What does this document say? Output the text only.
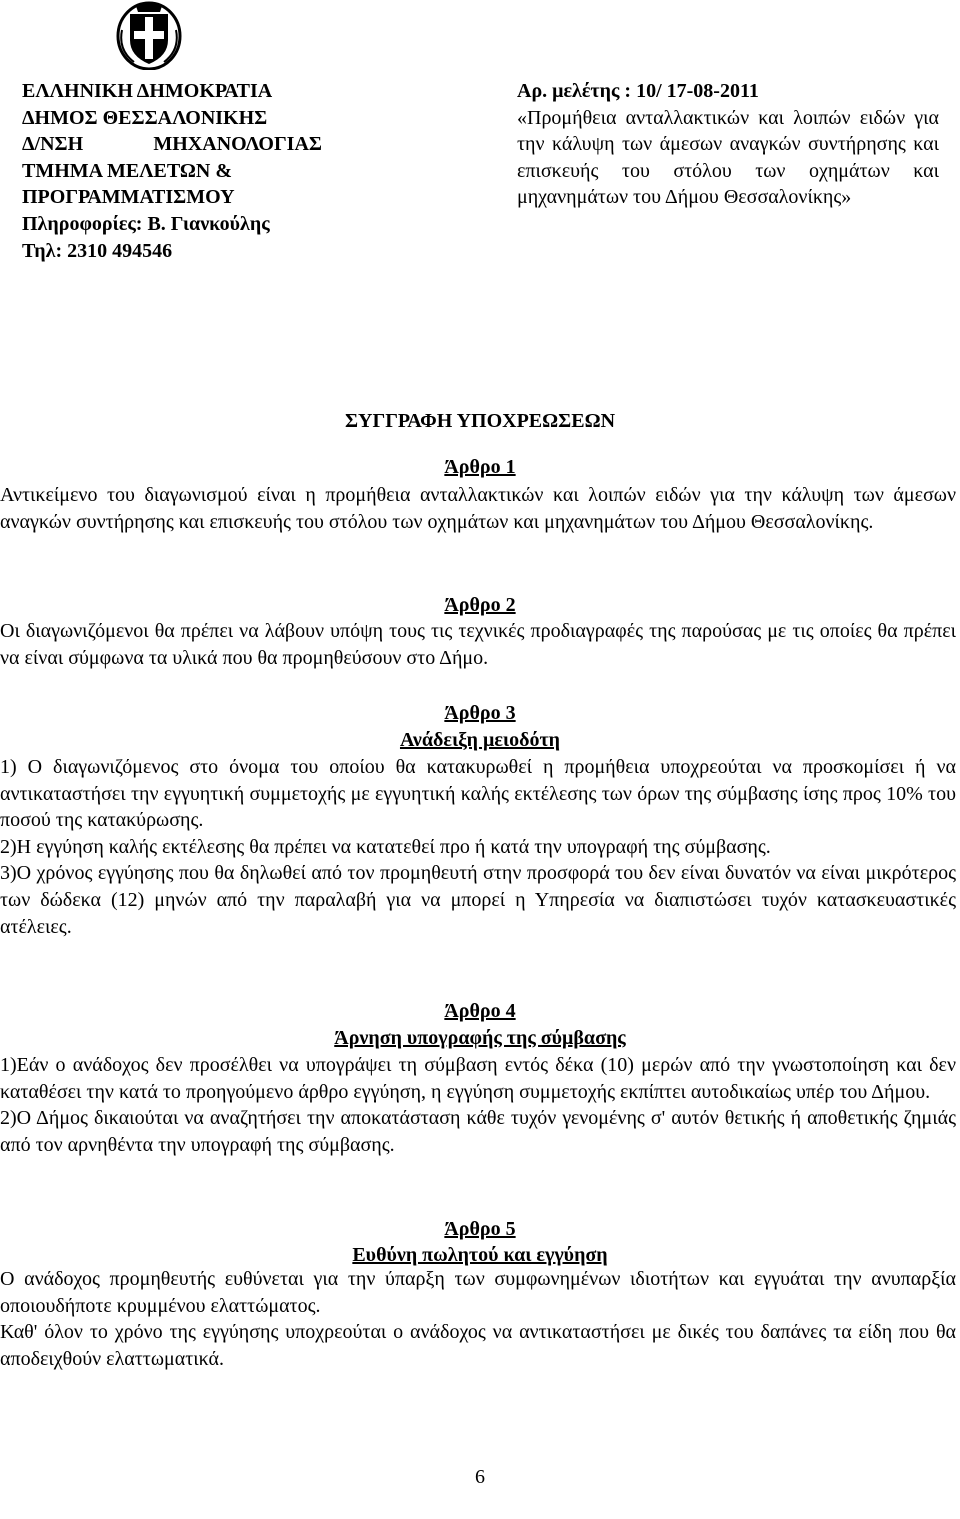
ΕΛΛΗΝΙΚΗ ΔΗΜΟΚΡΑΤΙΑ
ΔΗΜΟΣ ΘΕΣΣΑΛΟΝΙΚΗΣ
Δ/ΝΣΗ	ΜΗΧΑΝΟΛΟΓΙΑΣ
ΤΜΗΜΑ ΜΕΛΕΤΩΝ &
ΠΡΟΓΡΑΜΜΑΤΙΣΜΟΥ
Πληροφορίες: Β. Γιανκούλης
Τηλ: 2310 494546
Αρ. μελέτης : 10/ 17-08-2011
«Προμήθεια ανταλλακτικών και λοιπών ειδών για την κάλυψη των άμεσων αναγκών συντήρησης και επισκευής του στόλου των οχημάτων και μηχανημάτων του Δήμου Θεσσαλονίκης»
ΣΥΓΓΡΑΦΗ ΥΠΟΧΡΕΩΣΕΩΝ
Άρθρο 1

Αντικείμενο του διαγωνισμού είναι η προμήθεια ανταλλακτικών και λοιπών ειδών για την κάλυψη των άμεσων αναγκών συντήρησης και επισκευής του στόλου των οχημάτων και μηχανημάτων του Δήμου Θεσσαλονίκης.

Άρθρο 2

Οι διαγωνιζόμενοι θα πρέπει να λάβουν υπόψη τους τις τεχνικές προδιαγραφές της παρούσας με τις οποίες θα πρέπει να είναι σύμφωνα τα υλικά που θα προμηθεύσουν στο Δήμο.

Άρθρο 3
Ανάδειξη μειοδότη

1) Ο διαγωνιζόμενος στο όνομα του οποίου θα κατακυρωθεί η προμήθεια υποχρεούται να προσκομίσει ή να αντικαταστήσει την εγγυητική συμμετοχής με εγγυητική καλής εκτέλεσης των όρων της σύμβασης ίσης προς 10% του ποσού της κατακύρωσης.

2)Η εγγύηση καλής εκτέλεσης θα πρέπει να κατατεθεί προ ή κατά την υπογραφή της σύμβασης.

3)Ο χρόνος εγγύησης που θα δηλωθεί από τον προμηθευτή στην προσφορά του δεν είναι δυνατόν να είναι μικρότερος των δώδεκα (12) μηνών από την παραλαβή για να μπορεί η Υπηρεσία να διαπιστώσει τυχόν κατασκευαστικές ατέλειες.

Άρθρο 4
Άρνηση υπογραφής της σύμβασης

1)Εάν ο ανάδοχος δεν προσέλθει να υπογράψει τη σύμβαση εντός δέκα (10) μερών από την γνωστοποίηση και δεν καταθέσει την κατά το προηγούμενο άρθρο εγγύηση, η εγγύηση συμμετοχής εκπίπτει αυτοδικαίως υπέρ του Δήμου.

2)Ο Δήμος δικαιούται να αναζητήσει την αποκατάσταση κάθε τυχόν γενομένης σ' αυτόν θετικής ή αποθετικής ζημιάς από τον αρνηθέντα την υπογραφή της σύμβασης.

Άρθρο 5
Ευθύνη πωλητού και εγγύηση

Ο ανάδοχος προμηθευτής ευθύνεται για την ύπαρξη των συμφωνημένων ιδιοτήτων και εγγυάται την ανυπαρξία οποιουδήποτε κρυμμένου ελαττώματος.

Καθ' όλον το χρόνο της εγγύησης υποχρεούται ο ανάδοχος να αντικαταστήσει με δικές του δαπάνες τα είδη που θα αποδειχθούν ελαττωματικά.

6
